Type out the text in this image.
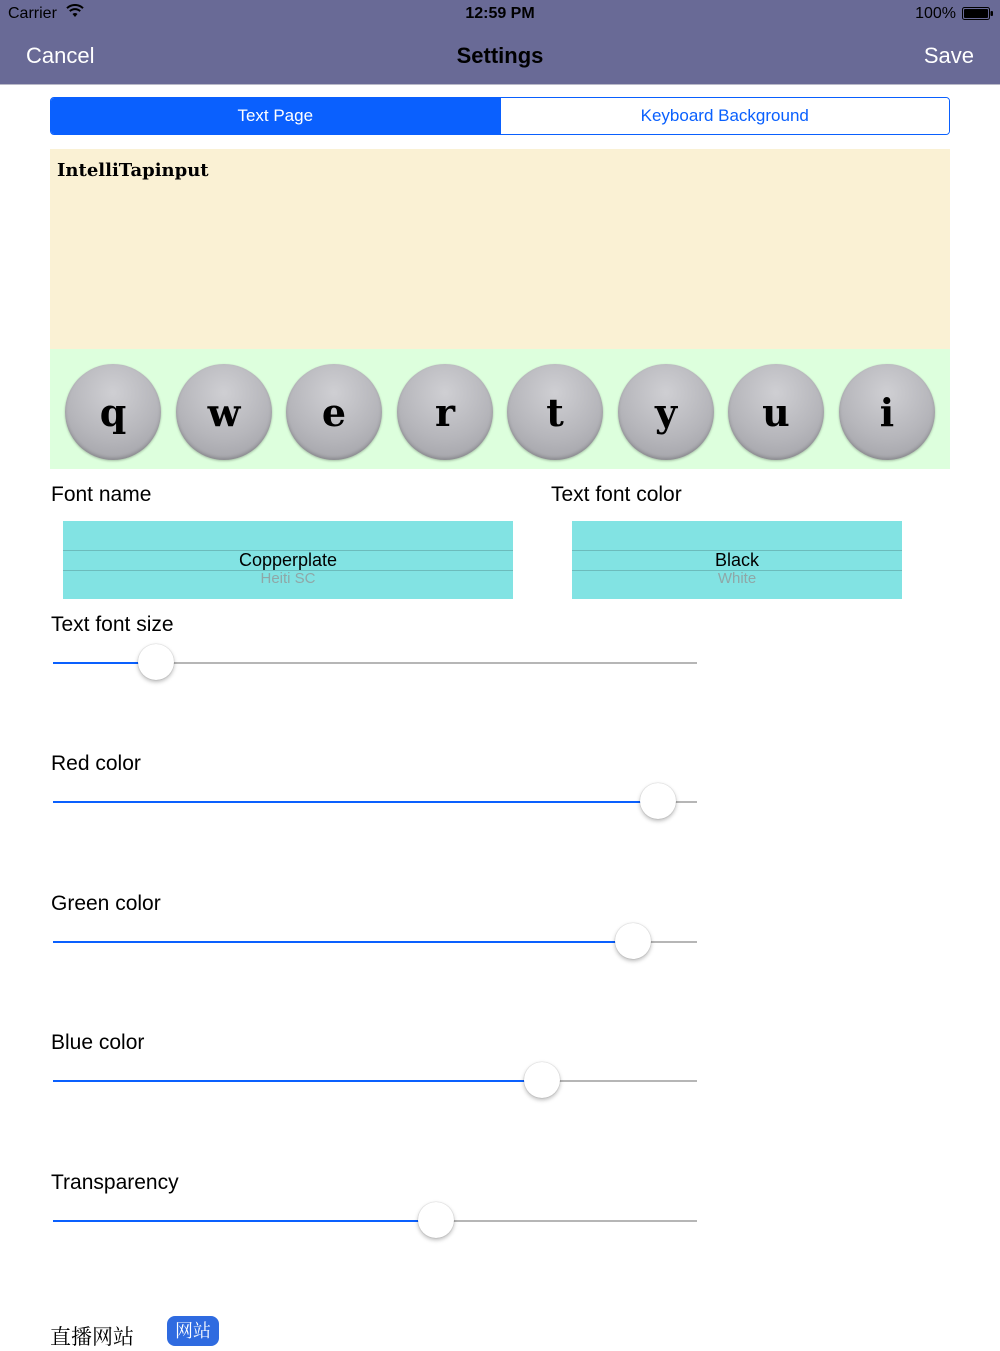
Carrier	12:59 PM	100%
Cancel	Settings	Save
Text Page	Keyboard Background
IntelliTapinput
q	w	e	r	t	y	u	i
Font name	Text font color
Copperplate
Heiti SC
Black
White
Text font size
Red color
Green color
Blue color
Transparency
直播网站	网站
